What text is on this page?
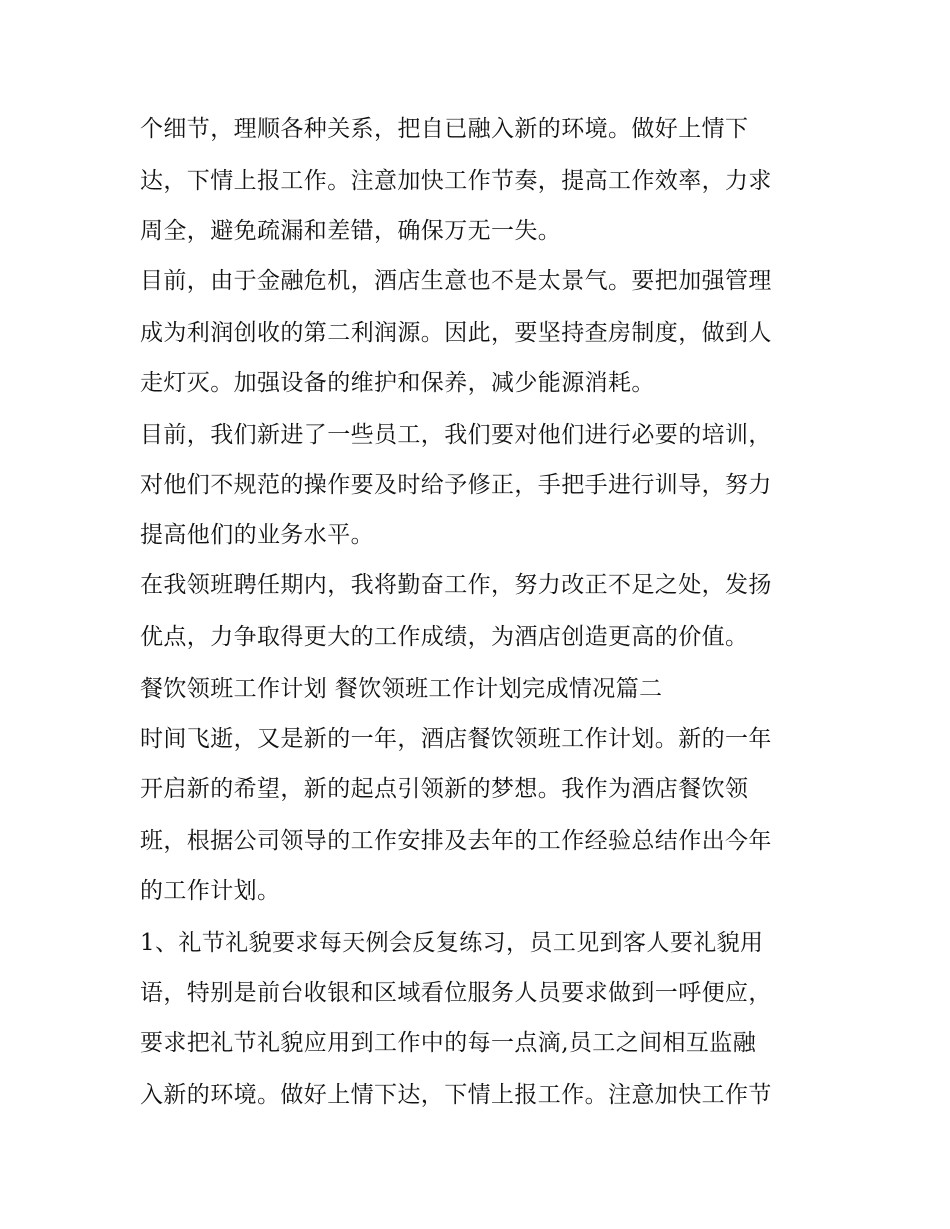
个细节，理顺各种关系，把自已融入新的环境。做好上情下
达，下情上报工作。注意加快工作节奏，提高工作效率，力求
周全，避免疏漏和差错，确保万无一失。
目前，由于金融危机，酒店生意也不是太景气。要把加强管理
成为利润创收的第二利润源。因此，要坚持查房制度，做到人
走灯灭。加强设备的维护和保养，减少能源消耗。
目前，我们新进了一些员工，我们要对他们进行必要的培训，
对他们不规范的操作要及时给予修正，手把手进行训导，努力
提高他们的业务水平。
在我领班聘任期内，我将勤奋工作，努力改正不足之处，发扬
优点，力争取得更大的工作成绩，为酒店创造更高的价值。
餐饮领班工作计划 餐饮领班工作计划完成情况篇二
时间飞逝，又是新的一年，酒店餐饮领班工作计划。新的一年
开启新的希望，新的起点引领新的梦想。我作为酒店餐饮领
班，根据公司领导的工作安排及去年的工作经验总结作出今年
的工作计划。
1、礼节礼貌要求每天例会反复练习，员工见到客人要礼貌用
语，特别是前台收银和区域看位服务人员要求做到一呼便应，
要求把礼节礼貌应用到工作中的每一点滴,员工之间相互监融
入新的环境。做好上情下达，下情上报工作。注意加快工作节
